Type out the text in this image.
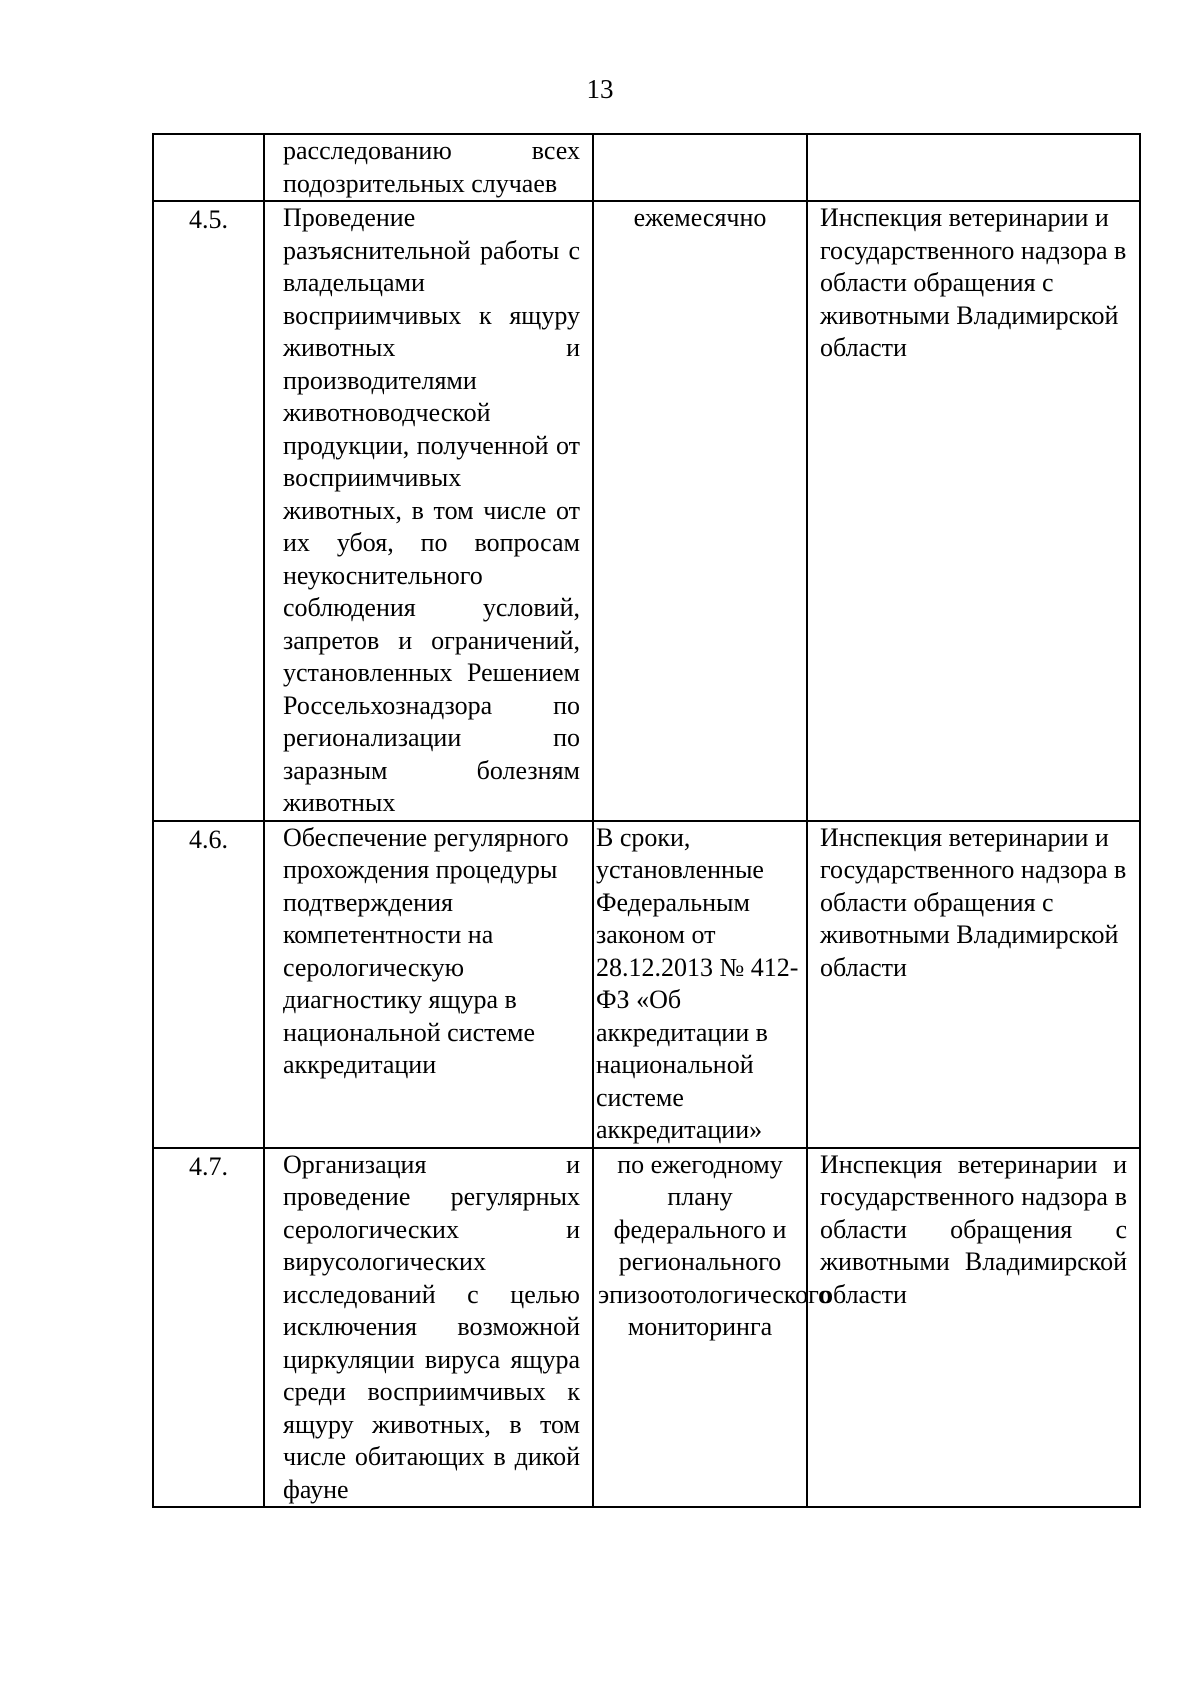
13

	расследованию всех
подозрительных случаев		

4.5.	Проведение разъяснительной работы с владельцами восприимчивых к ящуру животных и производителями животноводческой продукции, полученной от восприимчивых животных, в том числе от их убоя, по вопросам неукоснительного соблюдения условий, запретов и ограничений, установленных Решением Россельхознадзора по регионализации по заразным болезням животных	ежемесячно	Инспекция ветеринарии и государственного надзора в области обращения с животными Владимирской области

4.6.	Обеспечение регулярного прохождения процедуры подтверждения компетентности на серологическую диагностику ящура в национальной системе аккредитации	В сроки, установленные Федеральным законом от 28.12.2013 № 412-ФЗ «Об аккредитации в национальной системе аккредитации»	Инспекция ветеринарии и государственного надзора в области обращения с животными Владимирской области

4.7.	Организация и проведение регулярных серологических и вирусологических исследований с целью исключения возможной циркуляции вируса ящура среди восприимчивых к ящуру животных, в том числе обитающих в дикой фауне	по ежегодному плану федерального и регионального эпизоотологического мониторинга	Инспекция ветеринарии и государственного надзора в области обращения с животными Владимирской области
